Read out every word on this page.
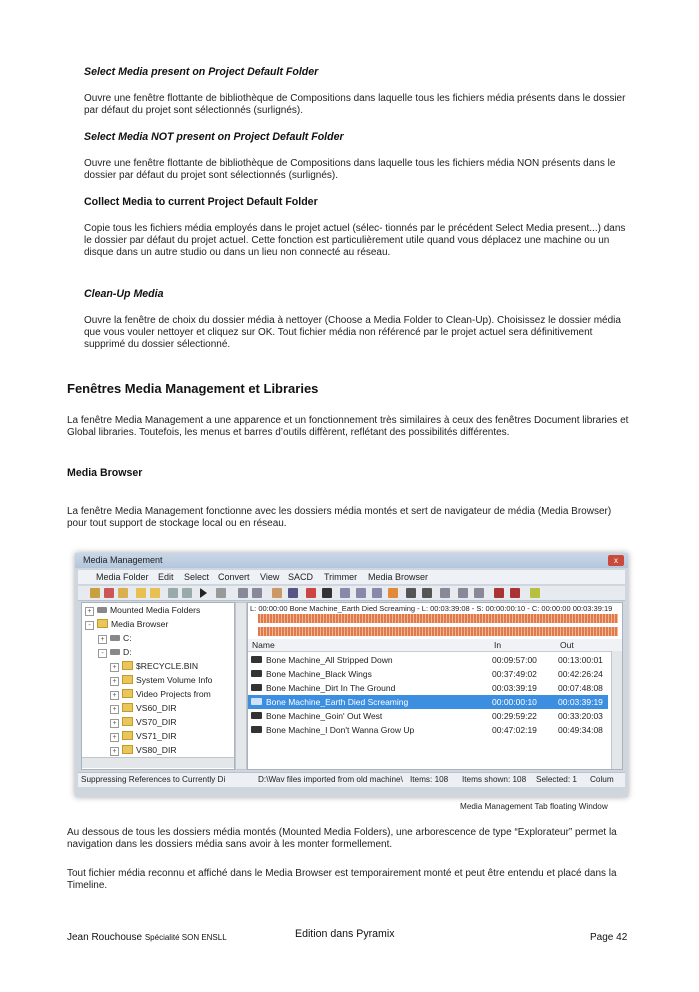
Select Media present on Project Default Folder

Ouvre une fenêtre flottante de bibliothèque de Compositions dans laquelle tous les fichiers média présents dans le dossier par défaut du projet sont sélectionnés (surlignés).

Select Media NOT present on Project Default Folder

Ouvre une fenêtre flottante de bibliothèque de Compositions dans laquelle tous les fichiers média NON présents dans le dossier par défaut du projet sont sélectionnés (surlignés).

Collect Media to current Project Default Folder

Copie tous les fichiers média employés dans le projet actuel (sélec- tionnés par le précédent Select Media present...) dans le dossier par défaut du projet actuel. Cette fonction est particulièrement utile quand vous déplacez une machine ou un disque dans un autre studio ou dans un lieu non connecté au réseau.

Clean-Up Media

Ouvre la fenêtre de choix du dossier média à nettoyer (Choose a Media Folder to Clean-Up). Choisissez le dossier média que vous vouler nettoyer et cliquez sur OK. Tout fichier média non référencé par le projet actuel sera définitivement supprimé du dossier sélectionné.

Fenêtres Media Management et Libraries

La fenêtre Media Management a une apparence et un fonctionnement très similaires à ceux des fenêtres Document libraries et Global libraries. Toutefois, les menus et barres d’outils diffèrent, reflétant des possibilités différentes.

Media Browser

La fenêtre Media Management fonctionne avec les dossiers média montés et sert de navigateur de média (Media Browser) pour tout support de stockage local ou en réseau.

Media Management	x
Media Folder Edit Select Convert View SACD Trimmer Media Browser
+ Mounted Media Folders
- Media Browser
+ C:
- D:
+ $RECYCLE.BIN
+ System Volume Info
+ Video Projects from
+ VS60_DIR
+ VS70_DIR
+ VS71_DIR
+ VS80_DIR
L: 00:00:00 Bone Machine_Earth Died Screaming - L: 00:03:39:08 - S: 00:00:00:10 - C: 00:00:00 00:03:39:19
Name	In	Out
Bone Machine_All Stripped Down	00:09:57:00 00:13:00:01
Bone Machine_Black Wings	00:37:49:02 00:42:26:24
Bone Machine_Dirt In The Ground	00:03:39:19 00:07:48:08
Bone Machine_Earth Died Screaming	00:00:00:10 00:03:39:19
Bone Machine_Goin' Out West	00:29:59:22 00:33:20:03
Bone Machine_I Don't Wanna Grow Up	00:47:02:19 00:49:34:08
Suppressing References to Currently Di	D:\Wav files imported from old machine\ Items: 108 Items shown: 108 Selected: 1 Colum

Media Management Tab floating Window

Au dessous de tous les dossiers média montés (Mounted Media Folders), une arborescence de type “Explorateur” permet la navigation dans les dossiers média sans avoir à les monter formellement.

Tout fichier média reconnu et affiché dans le Media Browser est temporairement monté et peut être entendu et placé dans la Timeline.

Jean Rouchouse Spécialité SON ENSLL	Edition dans Pyramix	Page 42
